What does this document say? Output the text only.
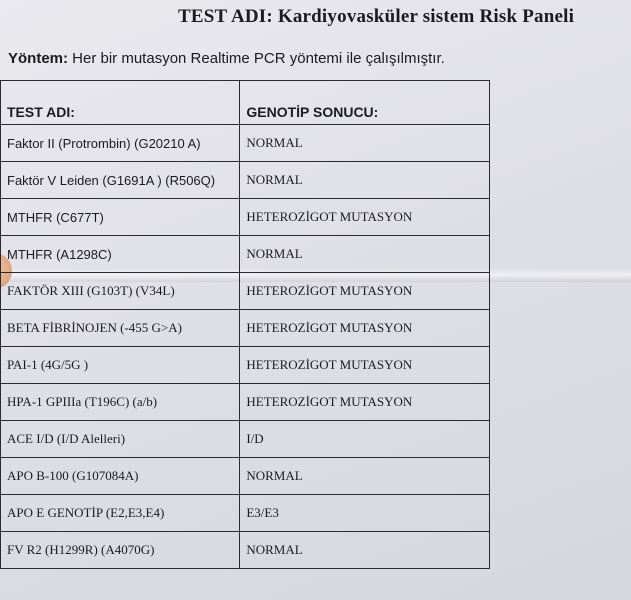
TEST ADI: Kardiyovasküler sistem Risk Paneli
Yöntem: Her bir mutasyon Realtime PCR yöntemi ile çalışılmıştır.
TEST ADI:	GENOTİP SONUCU:
Faktor II (Protrombin) (G20210 A)	NORMAL
Faktör V Leiden (G1691A ) (R506Q)	NORMAL
MTHFR (C677T)	HETEROZİGOT MUTASYON
MTHFR (A1298C)	NORMAL
FAKTÖR XIII (G103T) (V34L)	HETEROZİGOT MUTASYON
BETA FİBRİNOJEN (-455 G>A)	HETEROZİGOT MUTASYON
PAI-1 (4G/5G )	HETEROZİGOT MUTASYON
HPA-1 GPIIIa (T196C) (a/b)	HETEROZİGOT MUTASYON
ACE I/D (I/D Alelleri)	I/D
APO B-100 (G107084A)	NORMAL
APO E GENOTİP (E2,E3,E4)	E3/E3
FV R2 (H1299R) (A4070G)	NORMAL
